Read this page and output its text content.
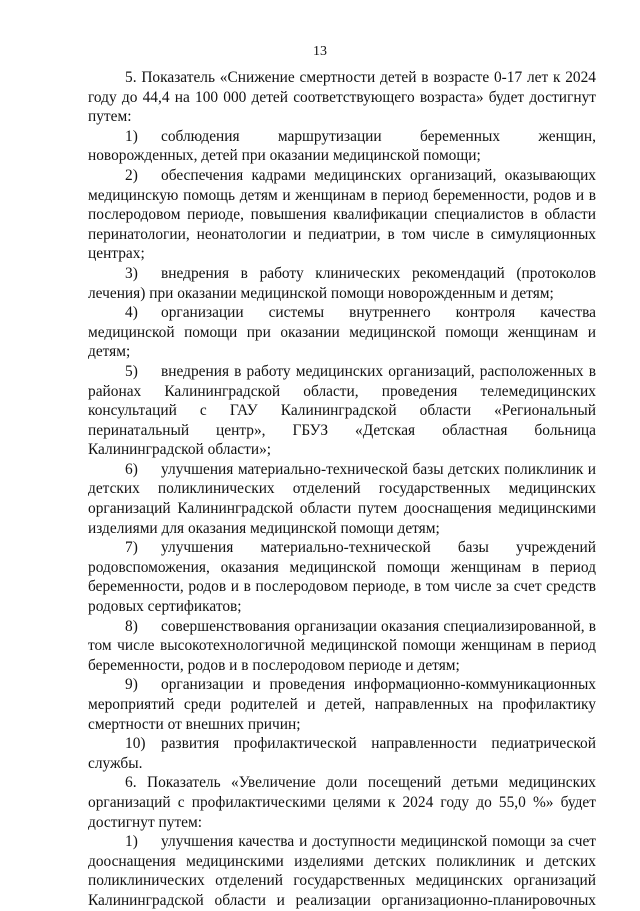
13

5. Показатель «Снижение смертности детей в возрасте 0-17 лет к 2024 году до 44,4 на 100 000 детей соответствующего возраста» будет достигнут путем:

1) соблюдения маршрутизации беременных женщин, новорожденных, детей при оказании медицинской помощи;

2) обеспечения кадрами медицинских организаций, оказывающих медицинскую помощь детям и женщинам в период беременности, родов и в послеродовом периоде, повышения квалификации специалистов в области перинатологии, неонатологии и педиатрии, в том числе в симуляционных центрах;

3) внедрения в работу клинических рекомендаций (протоколов лечения) при оказании медицинской помощи новорожденным и детям;

4) организации системы внутреннего контроля качества медицинской помощи при оказании медицинской помощи женщинам и детям;

5) внедрения в работу медицинских организаций, расположенных в районах Калининградской области, проведения телемедицинских консультаций с ГАУ Калининградской области «Региональный перинатальный центр», ГБУЗ «Детская областная больница Калининградской области»;

6) улучшения материально-технической базы детских поликлиник и детских поликлинических отделений государственных медицинских организаций Калининградской области путем дооснащения медицинскими изделиями для оказания медицинской помощи детям;

7) улучшения материально-технической базы учреждений родовспоможения, оказания медицинской помощи женщинам в период беременности, родов и в послеродовом периоде, в том числе за счет средств родовых сертификатов;

8) совершенствования организации оказания специализированной, в том числе высокотехнологичной медицинской помощи женщинам в период беременности, родов и в послеродовом периоде и детям;

9) организации и проведения информационно-коммуникационных мероприятий среди родителей и детей, направленных на профилактику смертности от внешних причин;

10) развития профилактической направленности педиатрической службы.

6. Показатель «Увеличение доли посещений детьми медицинских организаций с профилактическими целями к 2024 году до 55,0 %» будет достигнут путем:

1) улучшения качества и доступности медицинской помощи за счет дооснащения медицинскими изделиями детских поликлиник и детских поликлинических отделений государственных медицинских организаций Калининградской области и реализации организационно-планировочных
